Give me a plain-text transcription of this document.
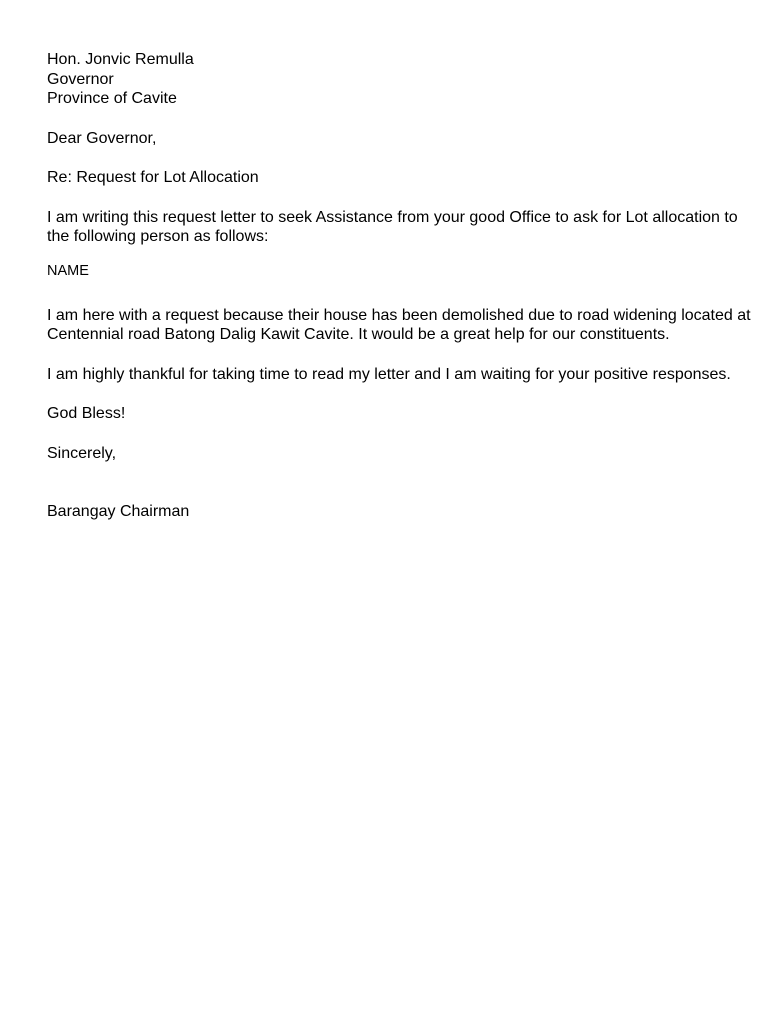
Hon. Jonvic Remulla
Governor
Province of Cavite

Dear Governor,

Re: Request for Lot Allocation

I am writing this request letter to seek Assistance from your good Office to ask for Lot allocation to the following person as follows:

NAME

I am here with a request because their house has been demolished due to road widening located at Centennial road Batong Dalig Kawit Cavite. It would be a great help for our constituents.

I am highly thankful for taking time to read my letter and I am waiting for your positive responses.

God Bless!

Sincerely,

Barangay Chairman
